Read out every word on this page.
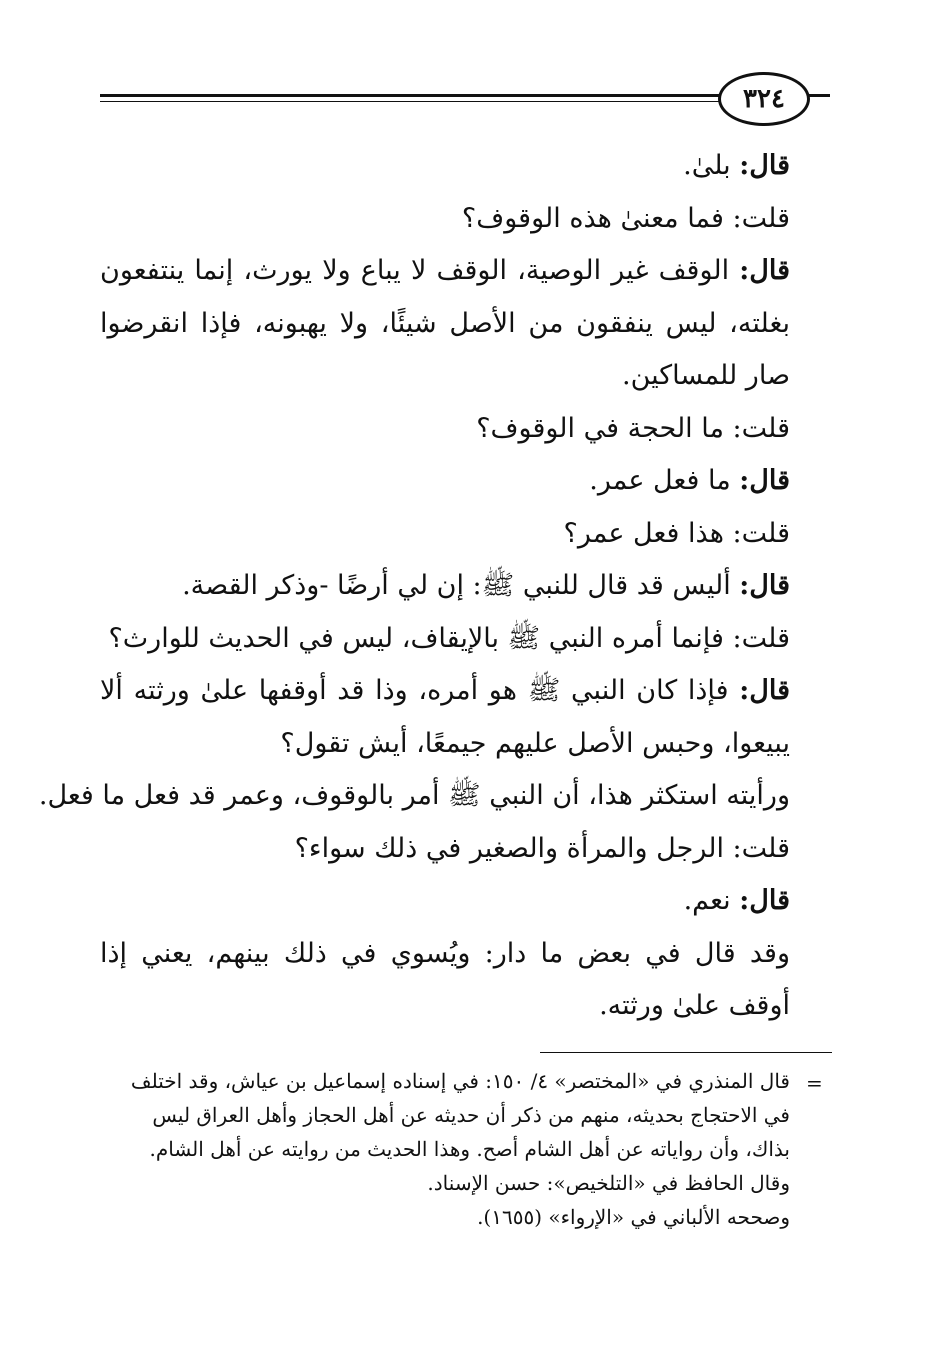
٣٢٤
قال: بلىٰ.
قلت: فما معنىٰ هذه الوقوف؟
قال: الوقف غير الوصية، الوقف لا يباع ولا يورث، إنما ينتفعون بغلته، ليس ينفقون من الأصل شيئًا، ولا يهبونه، فإذا انقرضوا صار للمساكين.
قلت: ما الحجة في الوقوف؟
قال: ما فعل عمر.
قلت: هذا فعل عمر؟
قال: أليس قد قال للنبي ﷺ: إن لي أرضًا -وذكر القصة.
قلت: فإنما أمره النبي ﷺ بالإيقاف، ليس في الحديث للوارث؟
قال: فإذا كان النبي ﷺ هو أمره، وذا قد أوقفها علىٰ ورثته ألا يبيعوا، وحبس الأصل عليهم جيمعًا، أيش تقول؟
ورأيته استكثر هذا، أن النبي ﷺ أمر بالوقوف، وعمر قد فعل ما فعل.
قلت: الرجل والمرأة والصغير في ذلك سواء؟
قال: نعم.
وقد قال في بعض ما دار: ويُسوي في ذلك بينهم، يعني إذا أوقف علىٰ ورثته.
=
قال المنذري في «المختصر» ٤/ ١٥٠: في إسناده إسماعيل بن عياش، وقد اختلف
في الاحتجاج بحديثه، منهم من ذكر أن حديثه عن أهل الحجاز وأهل العراق ليس
بذاك، وأن رواياته عن أهل الشام أصح. وهذا الحديث من روايته عن أهل الشام.
وقال الحافظ في «التلخيص»: حسن الإسناد.
وصححه الألباني في «الإرواء» (١٦٥٥).
